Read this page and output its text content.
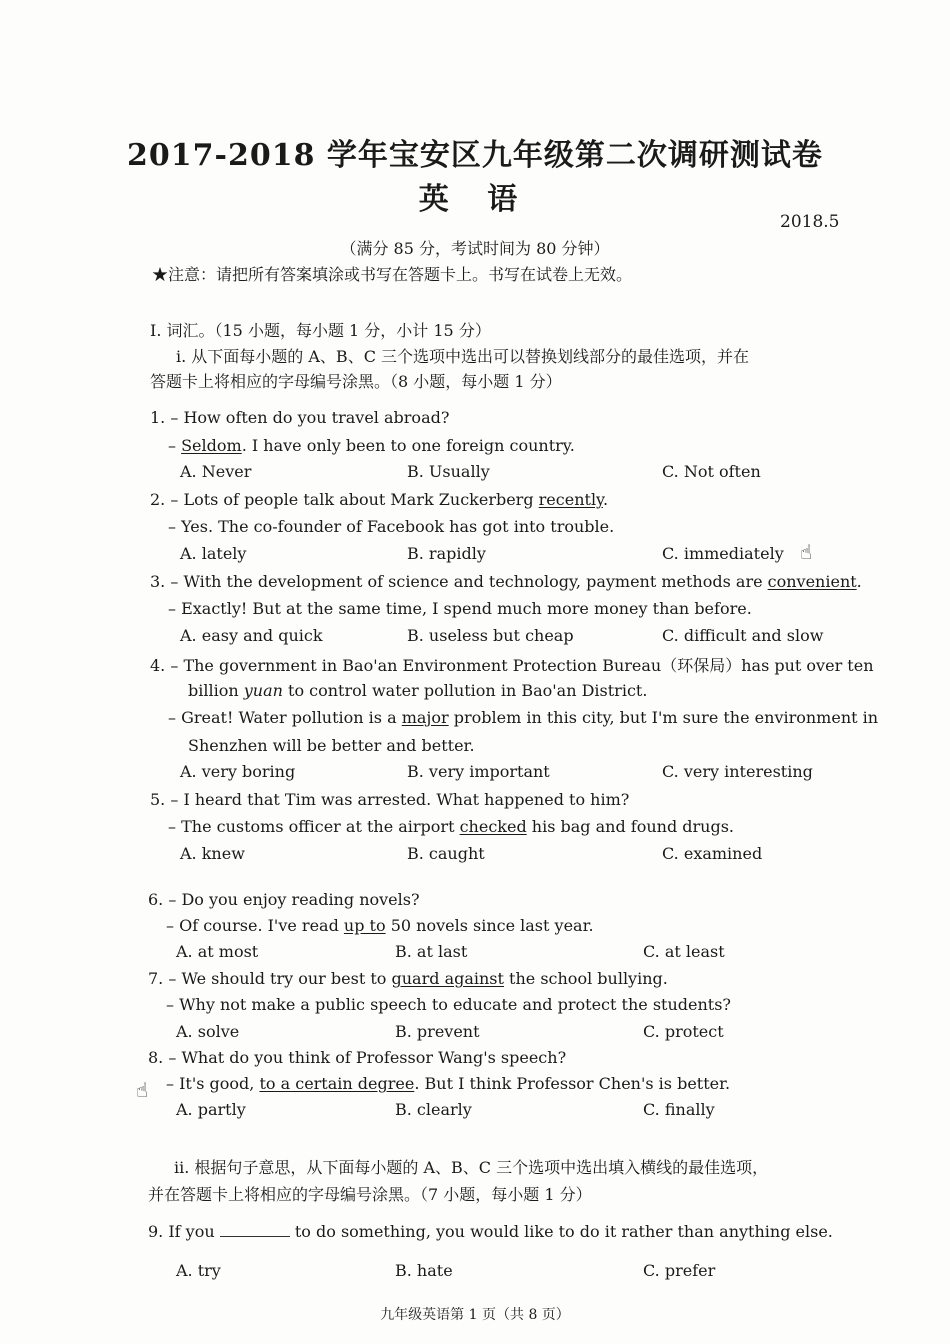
2017-2018 学年宝安区九年级第二次调研测试卷
英 语
2018.5
（满分 85 分，考试时间为 80 分钟）
★注意：请把所有答案填涂或书写在答题卡上。书写在试卷上无效。
I. 词汇。（15 小题，每小题 1 分，小计 15 分）
i. 从下面每小题的 A、B、C 三个选项中选出可以替换划线部分的最佳选项，并在
答题卡上将相应的字母编号涂黑。（8 小题，每小题 1 分）
1. – How often do you travel abroad?
– Seldom. I have only been to one foreign country.
A. Never	B. Usually	C. Not often
2. – Lots of people talk about Mark Zuckerberg recently.
– Yes. The co-founder of Facebook has got into trouble.
A. lately	B. rapidly	C. immediately ☝
3. – With the development of science and technology, payment methods are convenient.
– Exactly! But at the same time, I spend much more money than before.
A. easy and quick	B. useless but cheap	C. difficult and slow
4. – The government in Bao'an Environment Protection Bureau（环保局）has put over ten
billion yuan to control water pollution in Bao'an District.
– Great! Water pollution is a major problem in this city, but I'm sure the environment in
Shenzhen will be better and better.
A. very boring	B. very important	C. very interesting
5. – I heard that Tim was arrested. What happened to him?
– The customs officer at the airport checked his bag and found drugs.
A. knew	B. caught	C. examined
6. – Do you enjoy reading novels?
– Of course. I've read up to 50 novels since last year.
A. at most	B. at last	C. at least
7. – We should try our best to guard against the school bullying.
– Why not make a public speech to educate and protect the students?
A. solve	B. prevent	C. protect
8. – What do you think of Professor Wang's speech?
☝ – It's good, to a certain degree. But I think Professor Chen's is better.
A. partly	B. clearly	C. finally
ii. 根据句子意思，从下面每小题的 A、B、C 三个选项中选出填入横线的最佳选项，
并在答题卡上将相应的字母编号涂黑。（7 小题，每小题 1 分）
9. If you	to do something, you would like to do it rather than anything else.
A. try	B. hate	C. prefer
九年级英语第 1 页（共 8 页）
